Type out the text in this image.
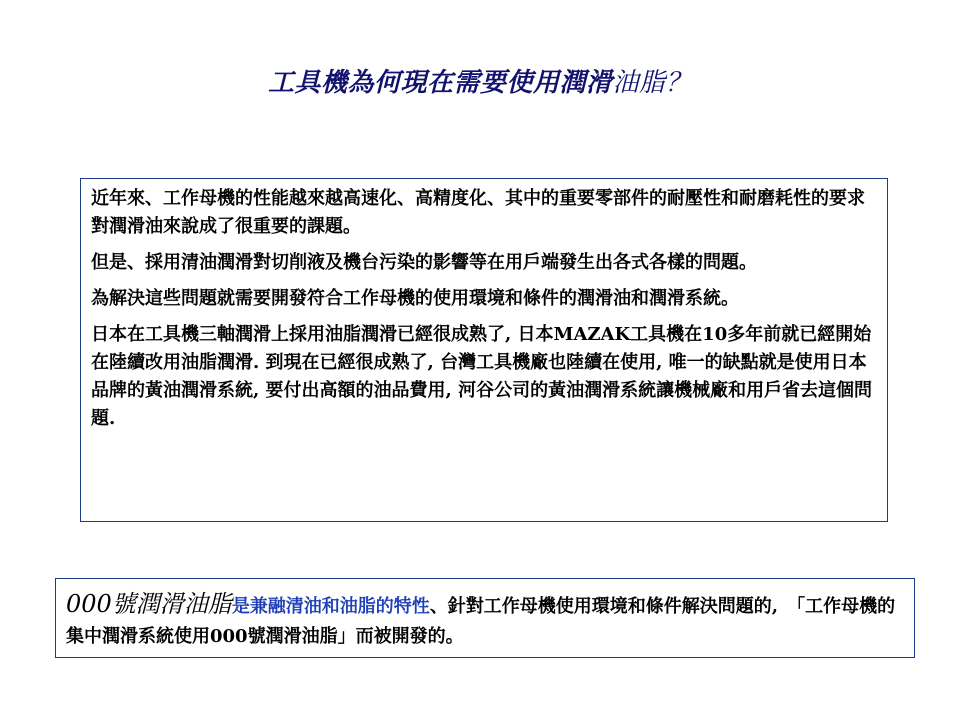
工具機為何現在需要使用潤滑油脂？

近年來、工作母機的性能越來越高速化、高精度化、其中的重要零部件的耐壓性和耐磨耗性的要求對潤滑油來說成了很重要的課題。

但是、採用清油潤滑對切削液及機台污染的影響等在用戶端發生出各式各樣的問題。

為解決這些問題就需要開發符合工作母機的使用環境和條件的潤滑油和潤滑系統。

日本在工具機三軸潤滑上採用油脂潤滑已經很成熟了, 日本MAZAK工具機在10多年前就已經開始在陸續改用油脂潤滑. 到現在已經很成熟了, 台灣工具機廠也陸續在使用, 唯一的缺點就是使用日本品牌的黃油潤滑系統, 要付出高額的油品費用, 河谷公司的黃油潤滑系統讓機械廠和用戶省去這個問題.

000號潤滑油脂是兼融清油和油脂的特性、針對工作母機使用環境和條件解決問題的,　「工作母機的集中潤滑系統使用000號潤滑油脂」而被開發的。
